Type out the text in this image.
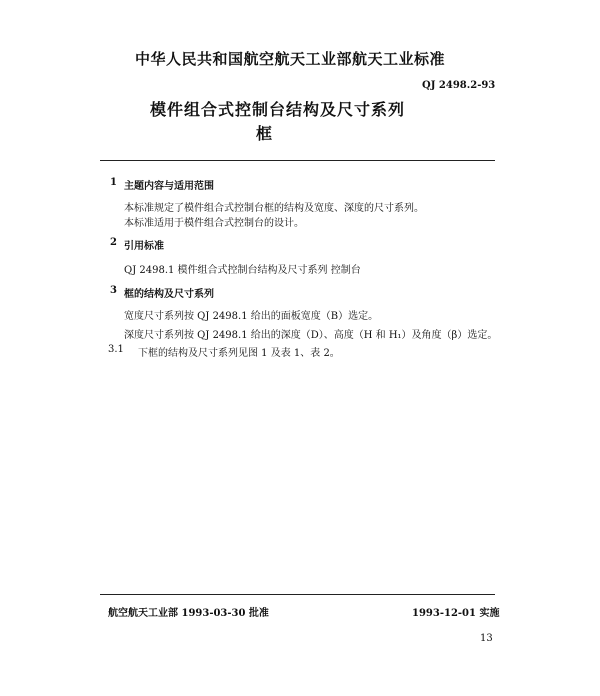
中华人民共和国航空航天工业部航天工业标准
QJ 2498.2-93
模件组合式控制台结构及尺寸系列
框
1 主题内容与适用范围
本标准规定了模件组合式控制台框的结构及宽度、深度的尺寸系列。
本标准适用于模件组合式控制台的设计。
2 引用标准
QJ 2498.1 模件组合式控制台结构及尺寸系列 控制台
3 框的结构及尺寸系列
宽度尺寸系列按 QJ 2498.1 给出的面板宽度（B）选定。
深度尺寸系列按 QJ 2498.1 给出的深度（D）、高度（H 和 H₁）及角度（β）选定。
3.1 下框的结构及尺寸系列见图 1 及表 1、表 2。
航空航天工业部 1993-03-30 批准	1993-12-01 实施
13
